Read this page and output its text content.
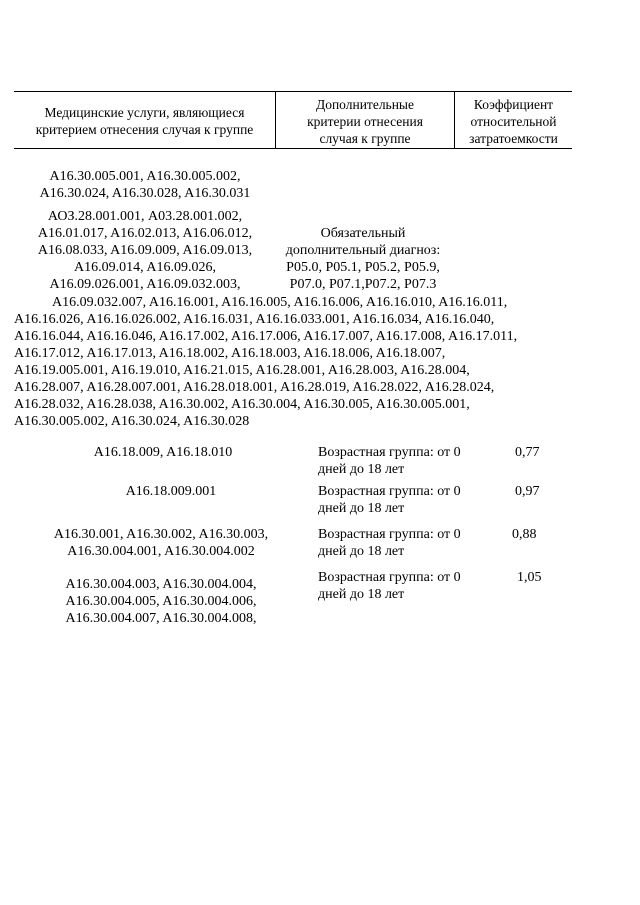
Медицинские услуги, являющиеся
критерием отнесения случая к группе
Дополнительные
критерии отнесения
случая к группе
Коэффициент
относительной
затратоемкости
A16.30.005.001, A16.30.005.002,
A16.30.024, A16.30.028, A16.30.031
АОЗ.28.001.001, A03.28.001.002,
A16.01.017, A16.02.013, A16.06.012,
A16.08.033, A16.09.009, A16.09.013,
A16.09.014, A16.09.026,
A16.09.026.001, A16.09.032.003,
Обязательный
дополнительный диагноз:
P05.0, P05.1, P05.2, P05.9,
P07.0, P07.1,P07.2, P07.3
A16.09.032.007, A16.16.001, A16.16.005, A16.16.006, A16.16.010, A16.16.011,
A16.16.026, A16.16.026.002, A16.16.031, A16.16.033.001, A16.16.034, A16.16.040,
A16.16.044, A16.16.046, A16.17.002, A16.17.006, A16.17.007, A16.17.008, A16.17.011,
A16.17.012, A16.17.013, A16.18.002, A16.18.003, A16.18.006, A16.18.007,
A16.19.005.001, A16.19.010, A16.21.015, A16.28.001, A16.28.003, A16.28.004,
A16.28.007, A16.28.007.001, A16.28.018.001, A16.28.019, A16.28.022, A16.28.024,
A16.28.032, A16.28.038, A16.30.002, A16.30.004, A16.30.005, A16.30.005.001,
A16.30.005.002, A16.30.024, A16.30.028
A16.18.009, A16.18.010	Возрастная группа: от 0
дней до 18 лет
0,77
A16.18.009.001	Возрастная группа: от 0
дней до 18 лет
0,97
A16.30.001, A16.30.002, A16.30.003,
A16.30.004.001, A16.30.004.002
Возрастная группа: от 0
дней до 18 лет
0,88
A16.30.004.003, A16.30.004.004,
A16.30.004.005, A16.30.004.006,
A16.30.004.007, A16.30.004.008,
Возрастная группа: от 0
дней до 18 лет
1,05
